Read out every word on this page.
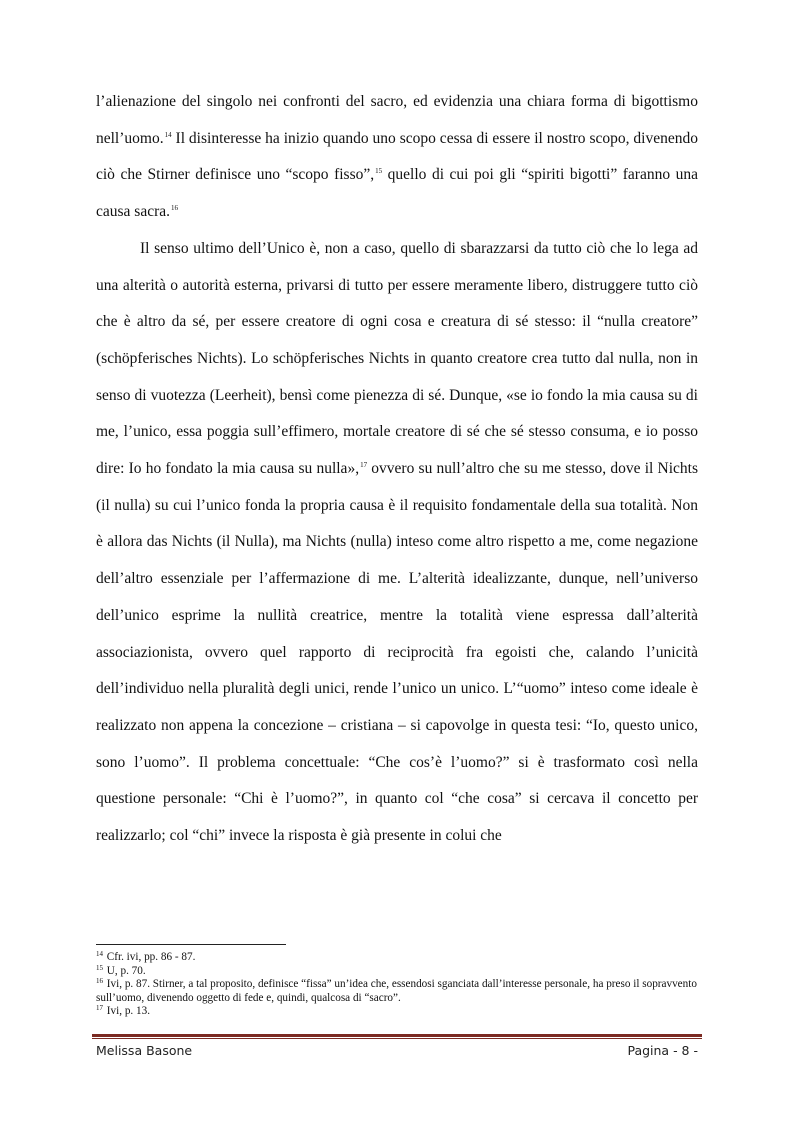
l’alienazione del singolo nei confronti del sacro, ed evidenzia una chiara forma di bigottismo nell’uomo.$^{14}$ Il disinteresse ha inizio quando uno scopo cessa di essere il nostro scopo, divenendo ciò che Stirner definisce uno “scopo fisso”,$^{15}$ quello di cui poi gli “spiriti bigotti” faranno una causa sacra.$^{16}$

Il senso ultimo dell’Unico è, non a caso, quello di sbarazzarsi da tutto ciò che lo lega ad una alterità o autorità esterna, privarsi di tutto per essere meramente libero, distruggere tutto ciò che è altro da sé, per essere creatore di ogni cosa e creatura di sé stesso: il “nulla creatore” (schöpferisches Nichts). Lo schöpferisches Nichts in quanto creatore crea tutto dal nulla, non in senso di vuotezza (Leerheit), bensì come pienezza di sé. Dunque, «se io fondo la mia causa su di me, l’unico, essa poggia sull’effimero, mortale creatore di sé che sé stesso consuma, e io posso dire: Io ho fondato la mia causa su nulla»,$^{17}$ ovvero su null’altro che su me stesso, dove il Nichts (il nulla) su cui l’unico fonda la propria causa è il requisito fondamentale della sua totalità. Non è allora das Nichts (il Nulla), ma Nichts (nulla) inteso come altro rispetto a me, come negazione dell’altro essenziale per l’affermazione di me. L’alterità idealizzante, dunque, nell’universo dell’unico esprime la nullità creatrice, mentre la totalità viene espressa dall’alterità associazionista, ovvero quel rapporto di reciprocità fra egoisti che, calando l’unicità dell’individuo nella pluralità degli unici, rende l’unico un unico. L’“uomo” inteso come ideale è realizzato non appena la concezione – cristiana – si capovolge in questa tesi: “Io, questo unico, sono l’uomo”. Il problema concettuale: “Che cos’è l’uomo?” si è trasformato così nella questione personale: “Chi è l’uomo?”, in quanto col “che cosa” si cercava il concetto per realizzarlo; col “chi” invece la risposta è già presente in colui che

$^{14}$ Cfr. ivi, pp. 86 - 87.

$^{15}$ U, p. 70.

$^{16}$ Ivi, p. 87. Stirner, a tal proposito, definisce “fissa” un’idea che, essendosi sganciata dall’interesse personale, ha preso il sopravvento sull’uomo, divenendo oggetto di fede e, quindi, qualcosa di “sacro”.

$^{17}$ Ivi, p. 13.

Melissa Basone	Pagina - 8 -
